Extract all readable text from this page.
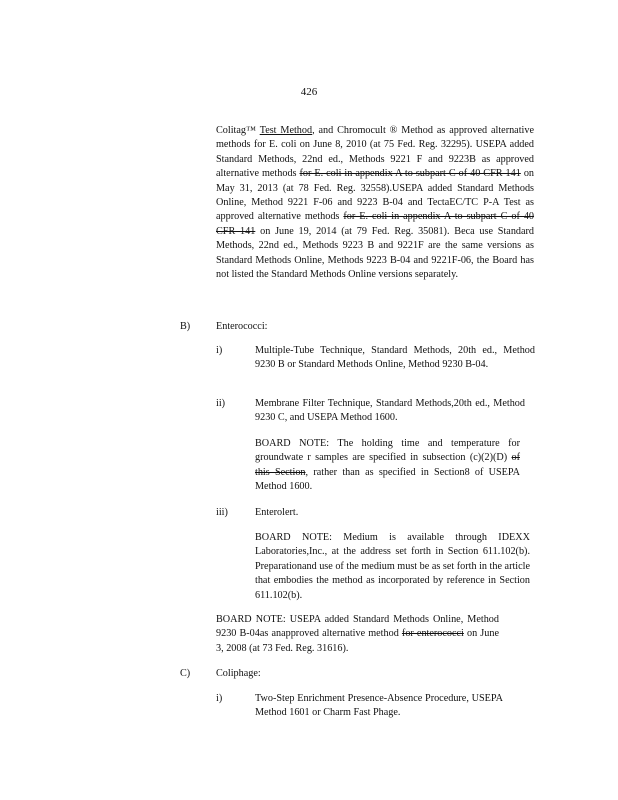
426
Colitag™ Test Method, and Chromocult ® Method as approved alternative methods for E. coli on June 8, 2010 (at 75 Fed. Reg. 32295). USEPA added Standard Methods, 22nd ed., Methods 9221 F and 9223B as approved alternative methods for E. coli in appendix A to subpart C of 40 CFR 141 on May 31, 2013 (at 78 Fed. Reg. 32558).USEPA added Standard Methods Online, Method 9221 F-06 and 9223 B-04 and TectaEC/TC P-A Test as approved alternative methods for E. coli in appendix A to subpart C of 40 CFR 141 on June 19, 2014 (at 79 Fed. Reg. 35081). Beca use Standard Methods, 22nd ed., Methods 9223 B and 9221F are the same versions as Standard Methods Online, Methods 9223 B-04 and 9221F-06, the Board has not listed the Standard Methods Online versions separately.
B)	Enterococci:
i)	Multiple-Tube Technique, Standard Methods, 20th ed., Method 9230 B or Standard Methods Online, Method 9230 B-04.
ii)	Membrane Filter Technique, Standard Methods,20th ed., Method 9230 C, and USEPA Method 1600.
BOARD NOTE: The holding time and temperature for groundwate r samples are specified in subsection (c)(2)(D) of this Section, rather than as specified in Section8 of USEPA Method 1600.
iii)	Enterolert.
BOARD NOTE: Medium is available through IDEXX Laboratories,Inc., at the address set forth in Section 611.102(b). Preparationand use of the medium must be as set forth in the article that embodies the method as incorporated by reference in Section 611.102(b).
BOARD NOTE: USEPA added Standard Methods Online, Method 9230 B-04as anapproved alternative method for enterococci on June 3, 2008 (at 73 Fed. Reg. 31616).
C)	Coliphage:
i)	Two-Step Enrichment Presence-Absence Procedure, USEPA Method 1601 or Charm Fast Phage.
